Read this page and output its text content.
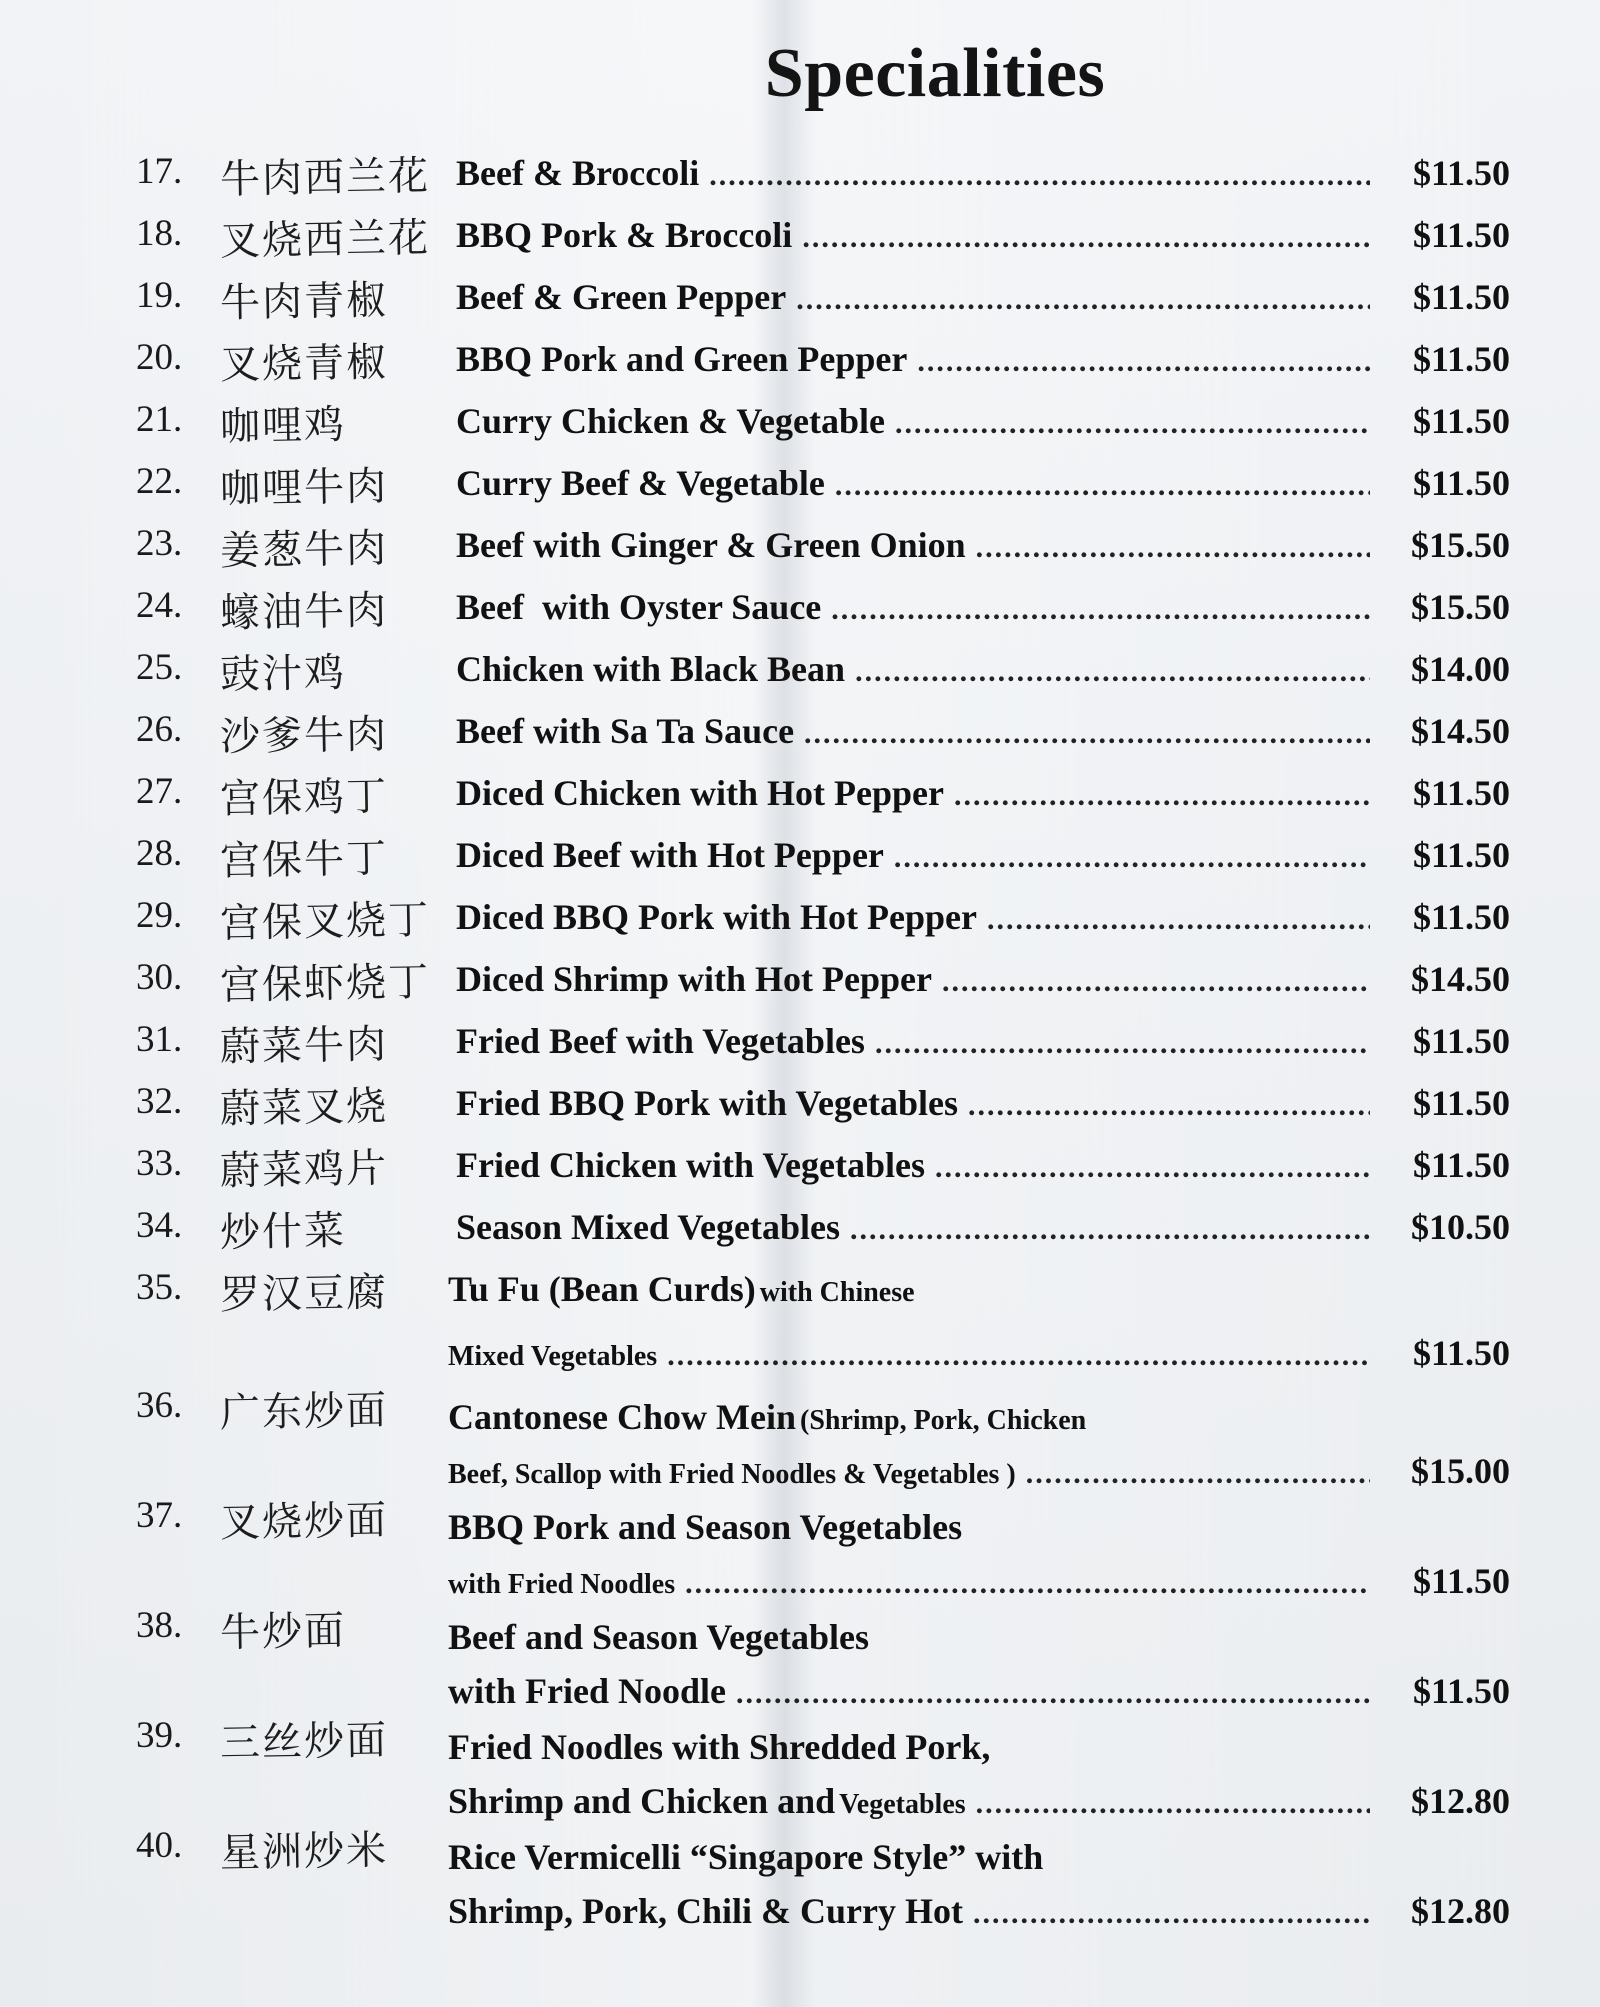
Specialities
17. 牛肉西兰花 Beef & Broccoli .....	$11.50
18. 叉烧西兰花 BBQ Pork & Broccoli .....	$11.50
19. 牛肉青椒 Beef & Green Pepper .....	$11.50
20. 叉烧青椒 BBQ Pork and Green Pepper .....	$11.50
21. 咖哩鸡	Curry Chicken & Vegetable .....	$11.50
22. 咖哩牛肉 Curry Beef & Vegetable .....	$11.50
23. 姜葱牛肉 Beef with Ginger & Green Onion .....	$15.50
24. 蠔油牛肉 Beef  with Oyster Sauce .....	$15.50
25. 豉汁鸡	Chicken with Black Bean .....	$14.00
26. 沙爹牛肉 Beef with Sa Ta Sauce .....	$14.50
27. 宫保鸡丁 Diced Chicken with Hot Pepper .....	$11.50
28. 宫保牛丁 Diced Beef with Hot Pepper .....	$11.50
29. 宫保叉烧丁 Diced BBQ Pork with Hot Pepper .....	$11.50
30. 宫保虾烧丁 Diced Shrimp with Hot Pepper .....	$14.50
31. 蔚菜牛肉 Fried Beef with Vegetables .....	$11.50
32. 蔚菜叉烧 Fried BBQ Pork with Vegetables .....	$11.50
33. 蔚菜鸡片 Fried Chicken with Vegetables .....	$11.50
34. 炒什菜	Season Mixed Vegetables .....	$10.50
35. 罗汉豆腐 Tu Fu (Bean Curds)
with Chinese
Mixed Vegetables .....	$11.50
36. 广东炒面 Cantonese Chow Mein
(Shrimp, Pork, Chicken
Beef, Scallop with Fried Noodles & Vegetables ) .....	$15.00
37. 叉烧炒面 BBQ Pork and Season Vegetables
with Fried Noodles .....	$11.50
38. 牛炒面	Beef and Season Vegetables
with Fried Noodle .....	$11.50
39. 三丝炒面 Fried Noodles with Shredded Pork,
Shrimp and Chicken and
Vegetables .....	$12.80
40. 星洲炒米 Rice Vermicelli “Singapore Style” with
Shrimp, Pork, Chili & Curry Hot .....	$12.80
